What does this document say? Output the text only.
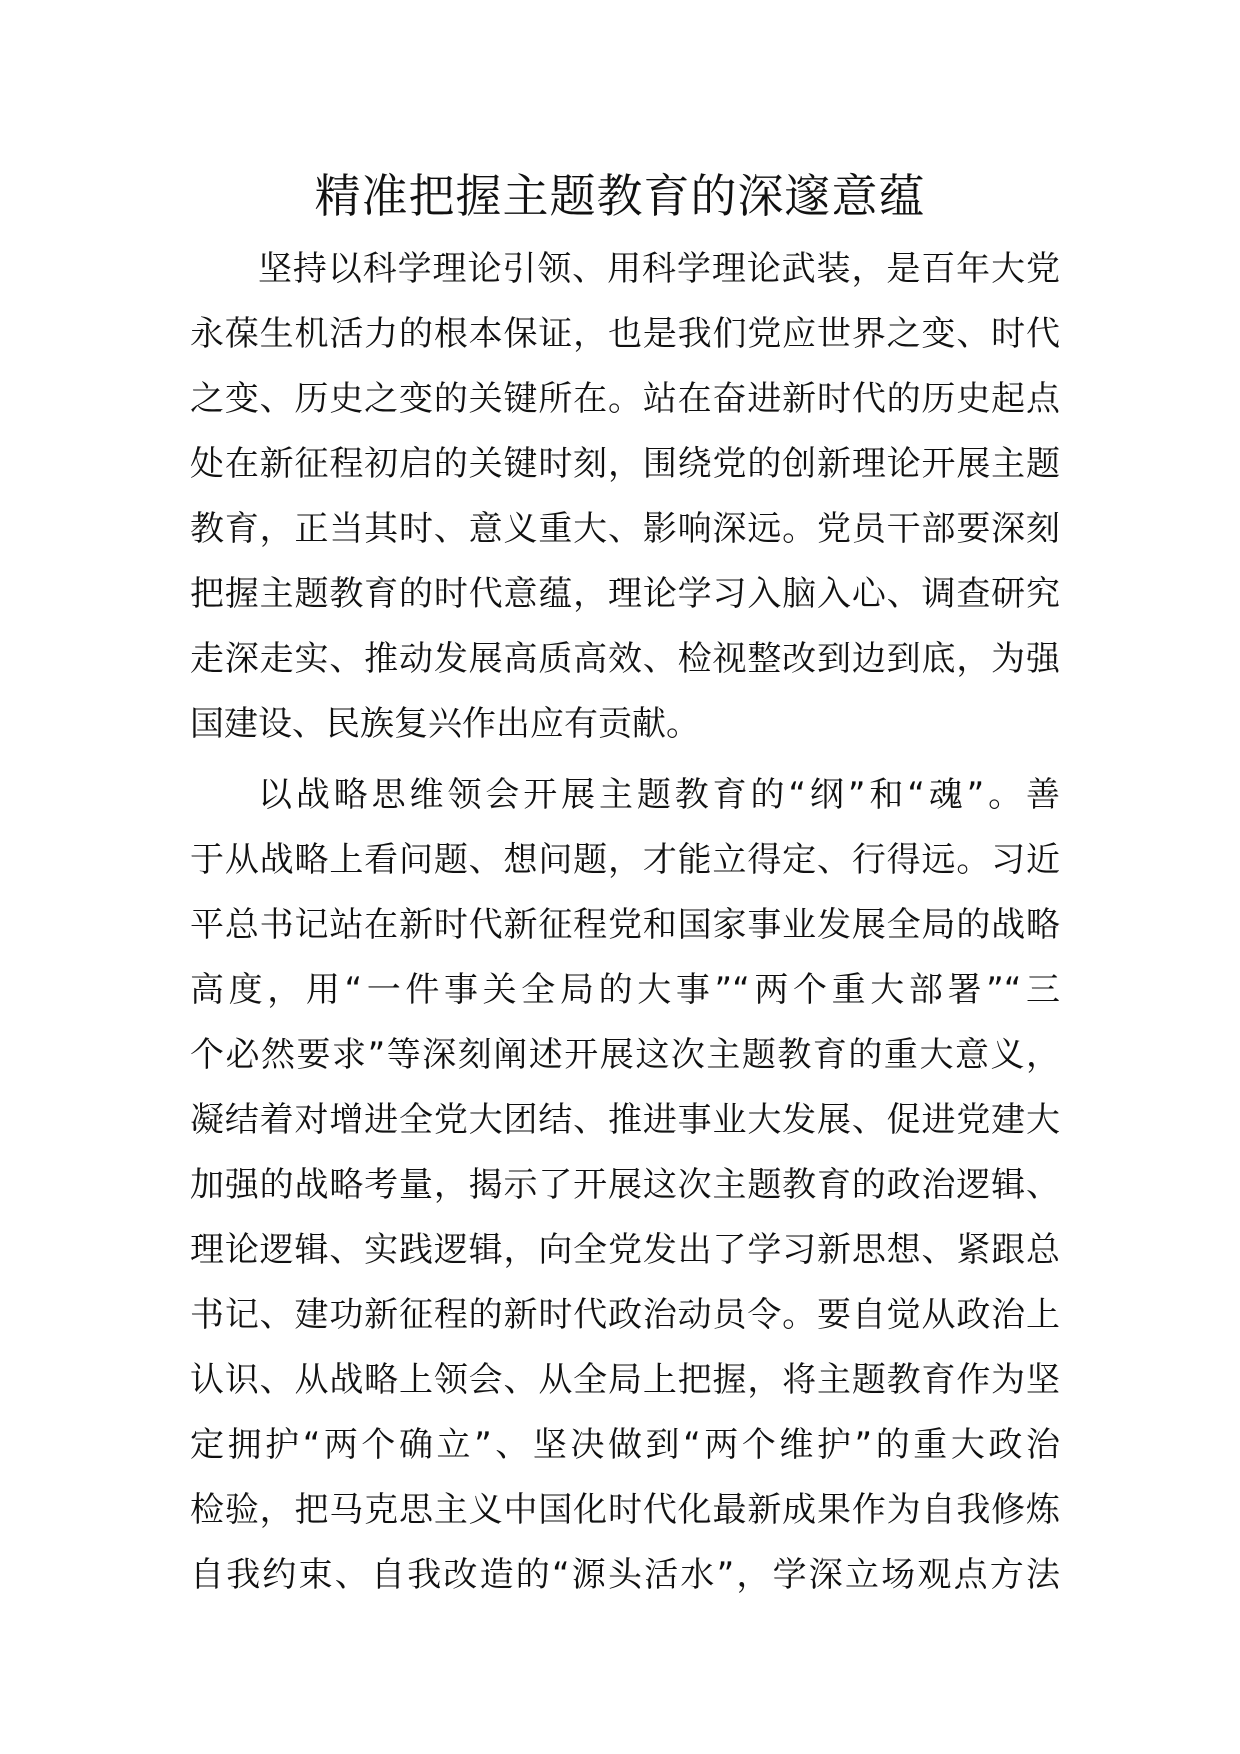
精准把握主题教育的深邃意蕴

坚持以科学理论引领、用科学理论武装，是百年大党
永葆生机活力的根本保证，也是我们党应世界之变、时代
之变、历史之变的关键所在。站在奋进新时代的历史起点
处在新征程初启的关键时刻，围绕党的创新理论开展主题
教育，正当其时、意义重大、影响深远。党员干部要深刻
把握主题教育的时代意蕴，理论学习入脑入心、调查研究
走深走实、推动发展高质高效、检视整改到边到底，为强
国建设、民族复兴作出应有贡献。

以战略思维领会开展主题教育的“纲”和“魂”。善
于从战略上看问题、想问题，才能立得定、行得远。习近
平总书记站在新时代新征程党和国家事业发展全局的战略
高度，用“一件事关全局的大事”“两个重大部署”“三
个必然要求”等深刻阐述开展这次主题教育的重大意义，
凝结着对增进全党大团结、推进事业大发展、促进党建大
加强的战略考量，揭示了开展这次主题教育的政治逻辑、
理论逻辑、实践逻辑，向全党发出了学习新思想、紧跟总
书记、建功新征程的新时代政治动员令。要自觉从政治上
认识、从战略上领会、从全局上把握，将主题教育作为坚
定拥护“两个确立”、坚决做到“两个维护”的重大政治
检验，把马克思主义中国化时代化最新成果作为自我修炼
自我约束、自我改造的“源头活水”，学深立场观点方法
